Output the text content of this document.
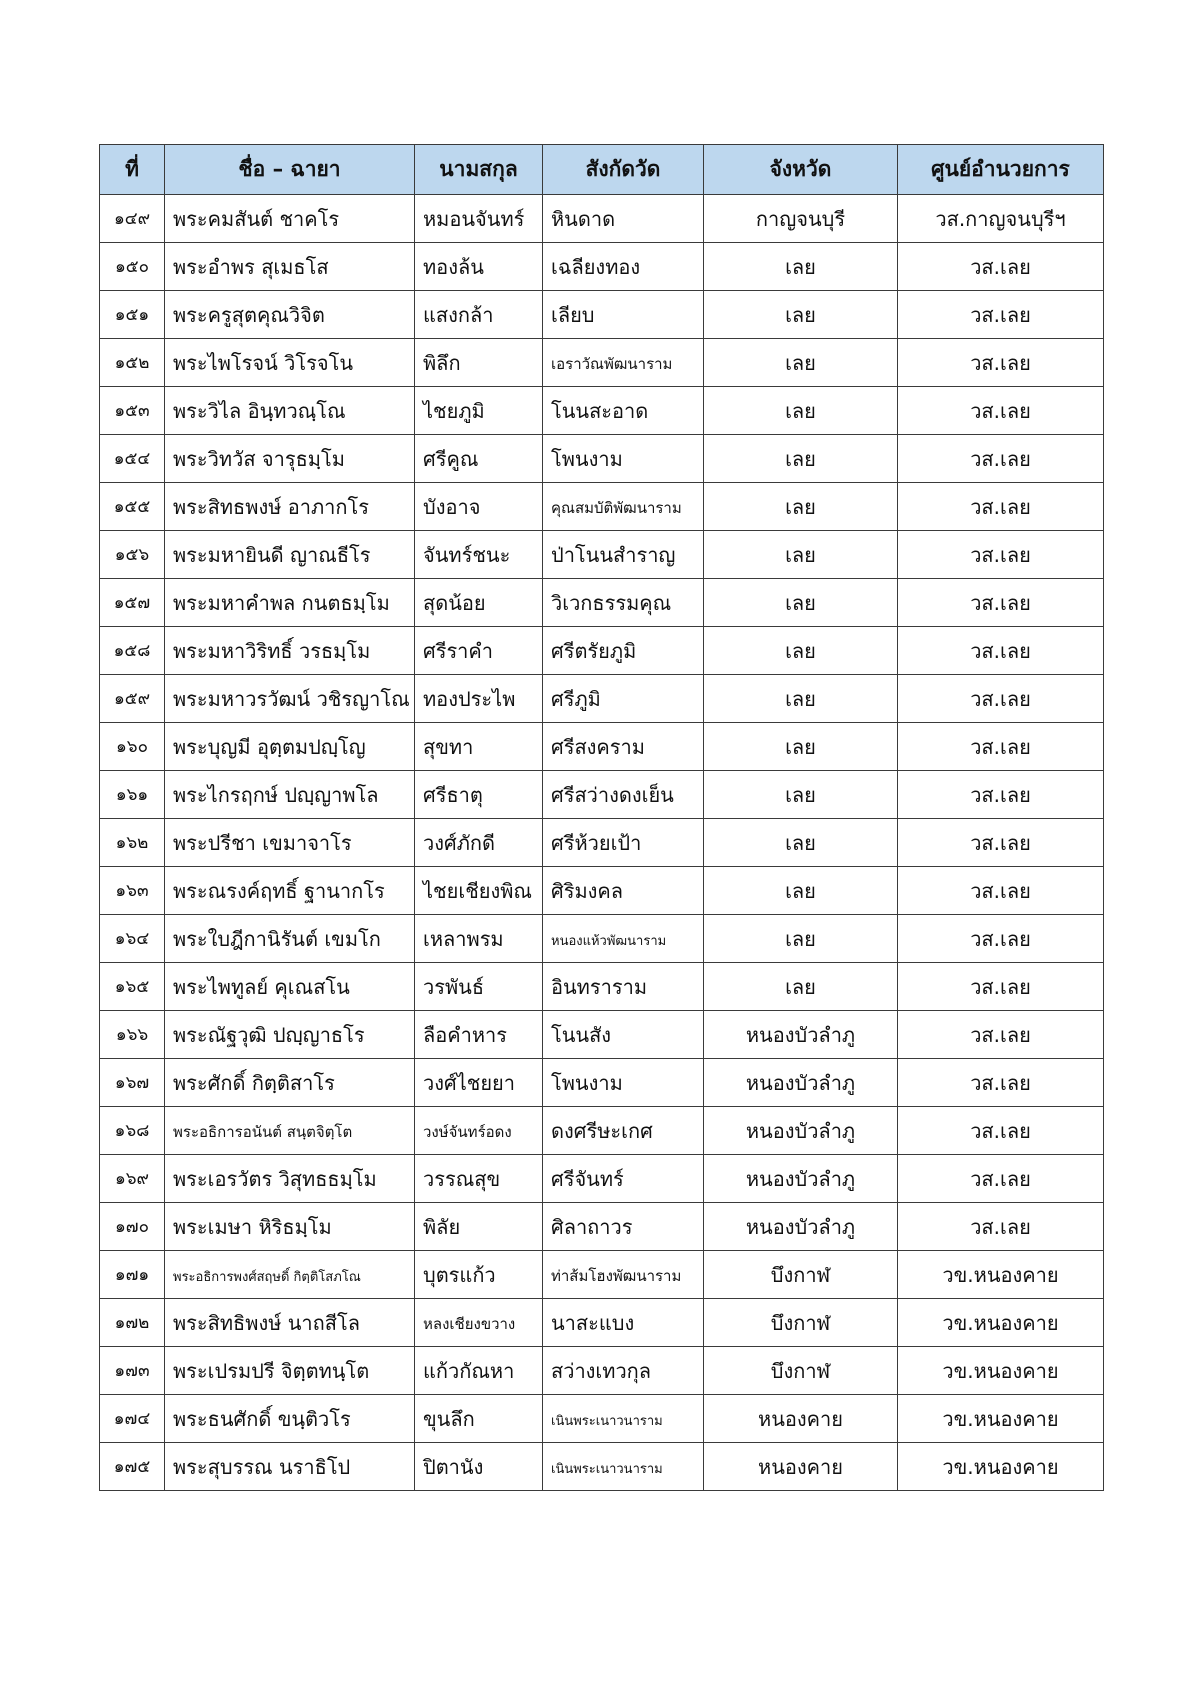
ที่	ชื่อ – ฉายา	นามสกุล	สังกัดวัด	จังหวัด	ศูนย์อำนวยการ
๑๔๙	พระคมสันต์ ชาคโร	หมอนจันทร์	หินดาด	กาญจนบุรี	วส.กาญจนบุรีฯ
๑๕๐	พระอำพร สุเมธโส	ทองล้น	เฉลียงทอง	เลย	วส.เลย
๑๕๑	พระครูสุตคุณวิจิต	แสงกล้า	เลียบ	เลย	วส.เลย
๑๕๒	พระไพโรจน์ วิโรจโน	พิลึก	เอราวัณพัฒนาราม	เลย	วส.เลย
๑๕๓	พระวิไล อินฺทวณฺโณ	ไชยภูมิ	โนนสะอาด	เลย	วส.เลย
๑๕๔	พระวิทวัส จารุธมฺโม	ศรีคูณ	โพนงาม	เลย	วส.เลย
๑๕๕	พระสิทธพงษ์ อาภากโร	บังอาจ	คุณสมบัติพัฒนาราม	เลย	วส.เลย
๑๕๖	พระมหายินดี ญาณธีโร	จันทร์ชนะ	ป่าโนนสำราญ	เลย	วส.เลย
๑๕๗	พระมหาคำพล กนตธมฺโม	สุดน้อย	วิเวกธรรมคุณ	เลย	วส.เลย
๑๕๘	พระมหาวิริทธิ์ วรธมฺโม	ศรีราคำ	ศรีตรัยภูมิ	เลย	วส.เลย
๑๕๙	พระมหาวรวัฒน์ วชิรญาโณ	ทองประไพ	ศรีภูมิ	เลย	วส.เลย
๑๖๐	พระบุญมี อุตฺตมปญฺโญ	สุขทา	ศรีสงคราม	เลย	วส.เลย
๑๖๑	พระไกรฤกษ์ ปญฺญาพโล	ศรีธาตุ	ศรีสว่างดงเย็น	เลย	วส.เลย
๑๖๒	พระปรีชา เขมาจาโร	วงศ์ภักดี	ศรีห้วยเป้า	เลย	วส.เลย
๑๖๓	พระณรงค์ฤทธิ์ ฐานากโร	ไชยเชียงพิณ	ศิริมงคล	เลย	วส.เลย
๑๖๔	พระใบฎีกานิรันต์ เขมโก	เหลาพรม	หนองแห้วพัฒนาราม	เลย	วส.เลย
๑๖๕	พระไพทูลย์ คุเณสโน	วรพันธ์	อินทราราม	เลย	วส.เลย
๑๖๖	พระณัฐวุฒิ ปญฺญาธโร	ลือคำหาร	โนนสัง	หนองบัวลำภู	วส.เลย
๑๖๗	พระศักดิ์ กิตฺติสาโร	วงศ์ไชยยา	โพนงาม	หนองบัวลำภู	วส.เลย
๑๖๘	พระอธิการอนันต์ สนฺตจิตฺโต	วงษ์จันทร์อดง	ดงศรีษะเกศ	หนองบัวลำภู	วส.เลย
๑๖๙	พระเอรวัตร วิสุทธธมฺโม	วรรณสุข	ศรีจันทร์	หนองบัวลำภู	วส.เลย
๑๗๐	พระเมษา หิริธมฺโม	พิลัย	ศิลาถาวร	หนองบัวลำภู	วส.เลย
๑๗๑	พระอธิการพงศ์สฤษดิ์ กิตฺติโสภโณ	บุตรแก้ว	ท่าส้มโฮงพัฒนาราม	บึงกาฬ	วข.หนองคาย
๑๗๒	พระสิทธิพงษ์ นาถสีโล	หลงเชียงขวาง	นาสะแบง	บึงกาฬ	วข.หนองคาย
๑๗๓	พระเปรมปรี จิตฺตทนฺโต	แก้วกัณหา	สว่างเทวกุล	บึงกาฬ	วข.หนองคาย
๑๗๔	พระธนศักดิ์ ขนฺติวโร	ขุนลึก	เนินพระเนาวนาราม	หนองคาย	วข.หนองคาย
๑๗๕	พระสุบรรณ นราธิโป	ปิตานัง	เนินพระเนาวนาราม	หนองคาย	วข.หนองคาย
